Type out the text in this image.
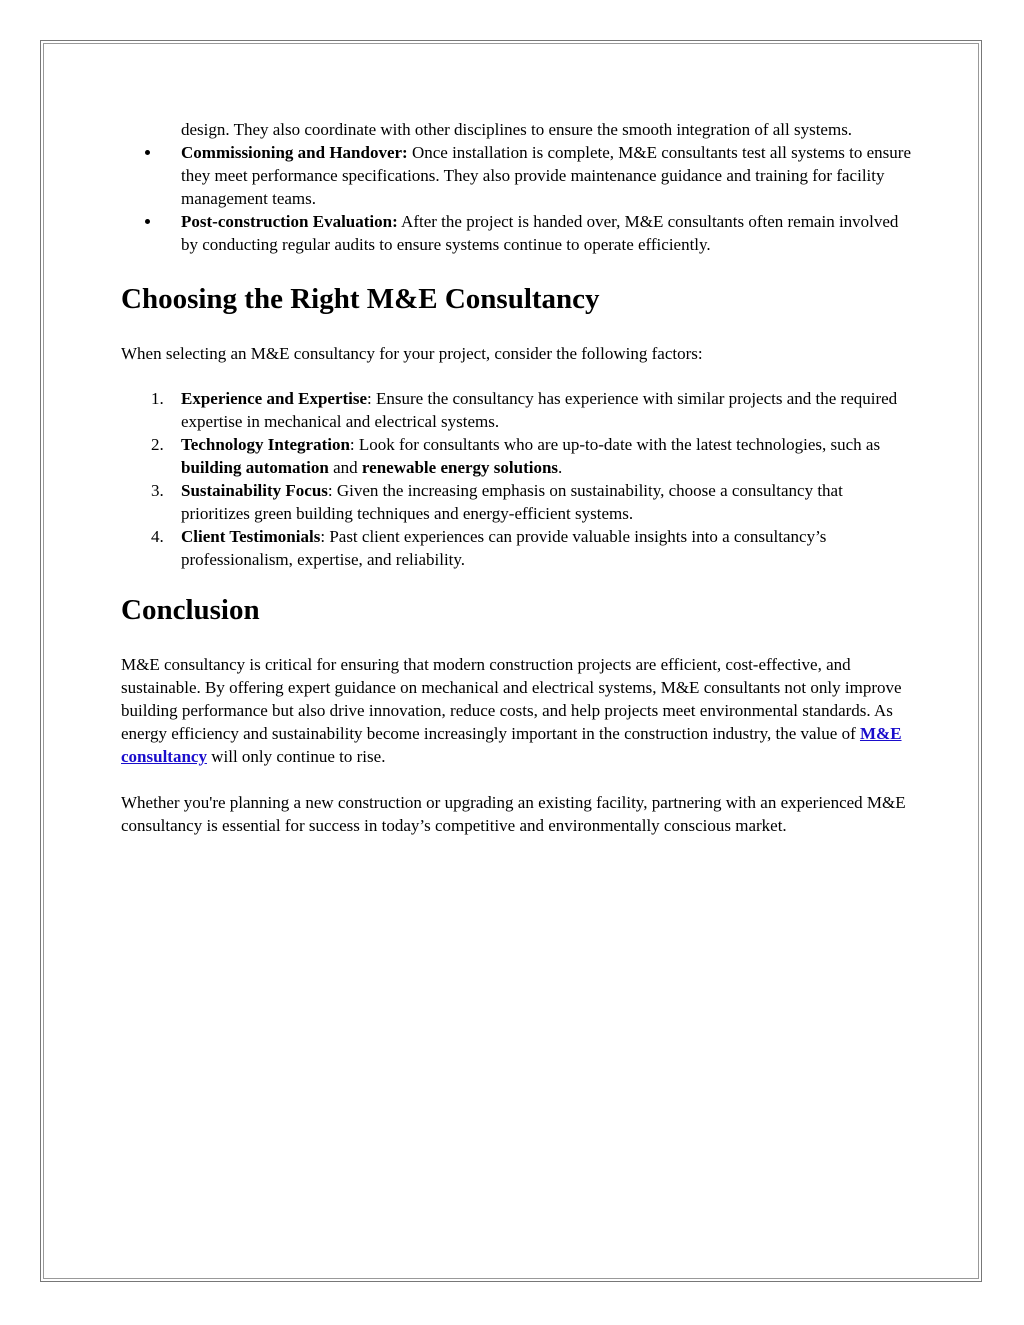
design. They also coordinate with other disciplines to ensure the smooth integration of all systems.
Commissioning and Handover: Once installation is complete, M&E consultants test all systems to ensure they meet performance specifications. They also provide maintenance guidance and training for facility management teams.
Post-construction Evaluation: After the project is handed over, M&E consultants often remain involved by conducting regular audits to ensure systems continue to operate efficiently.
Choosing the Right M&E Consultancy

When selecting an M&E consultancy for your project, consider the following factors:

1. Experience and Expertise: Ensure the consultancy has experience with similar projects and the required expertise in mechanical and electrical systems.
2. Technology Integration: Look for consultants who are up-to-date with the latest technologies, such as building automation and renewable energy solutions.
3. Sustainability Focus: Given the increasing emphasis on sustainability, choose a consultancy that prioritizes green building techniques and energy-efficient systems.
4. Client Testimonials: Past client experiences can provide valuable insights into a consultancy’s professionalism, expertise, and reliability.
Conclusion

M&E consultancy is critical for ensuring that modern construction projects are efficient, cost-effective, and sustainable. By offering expert guidance on mechanical and electrical systems, M&E consultants not only improve building performance but also drive innovation, reduce costs, and help projects meet environmental standards. As energy efficiency and sustainability become increasingly important in the construction industry, the value of M&E consultancy will only continue to rise.

Whether you're planning a new construction or upgrading an existing facility, partnering with an experienced M&E consultancy is essential for success in today’s competitive and environmentally conscious market.
